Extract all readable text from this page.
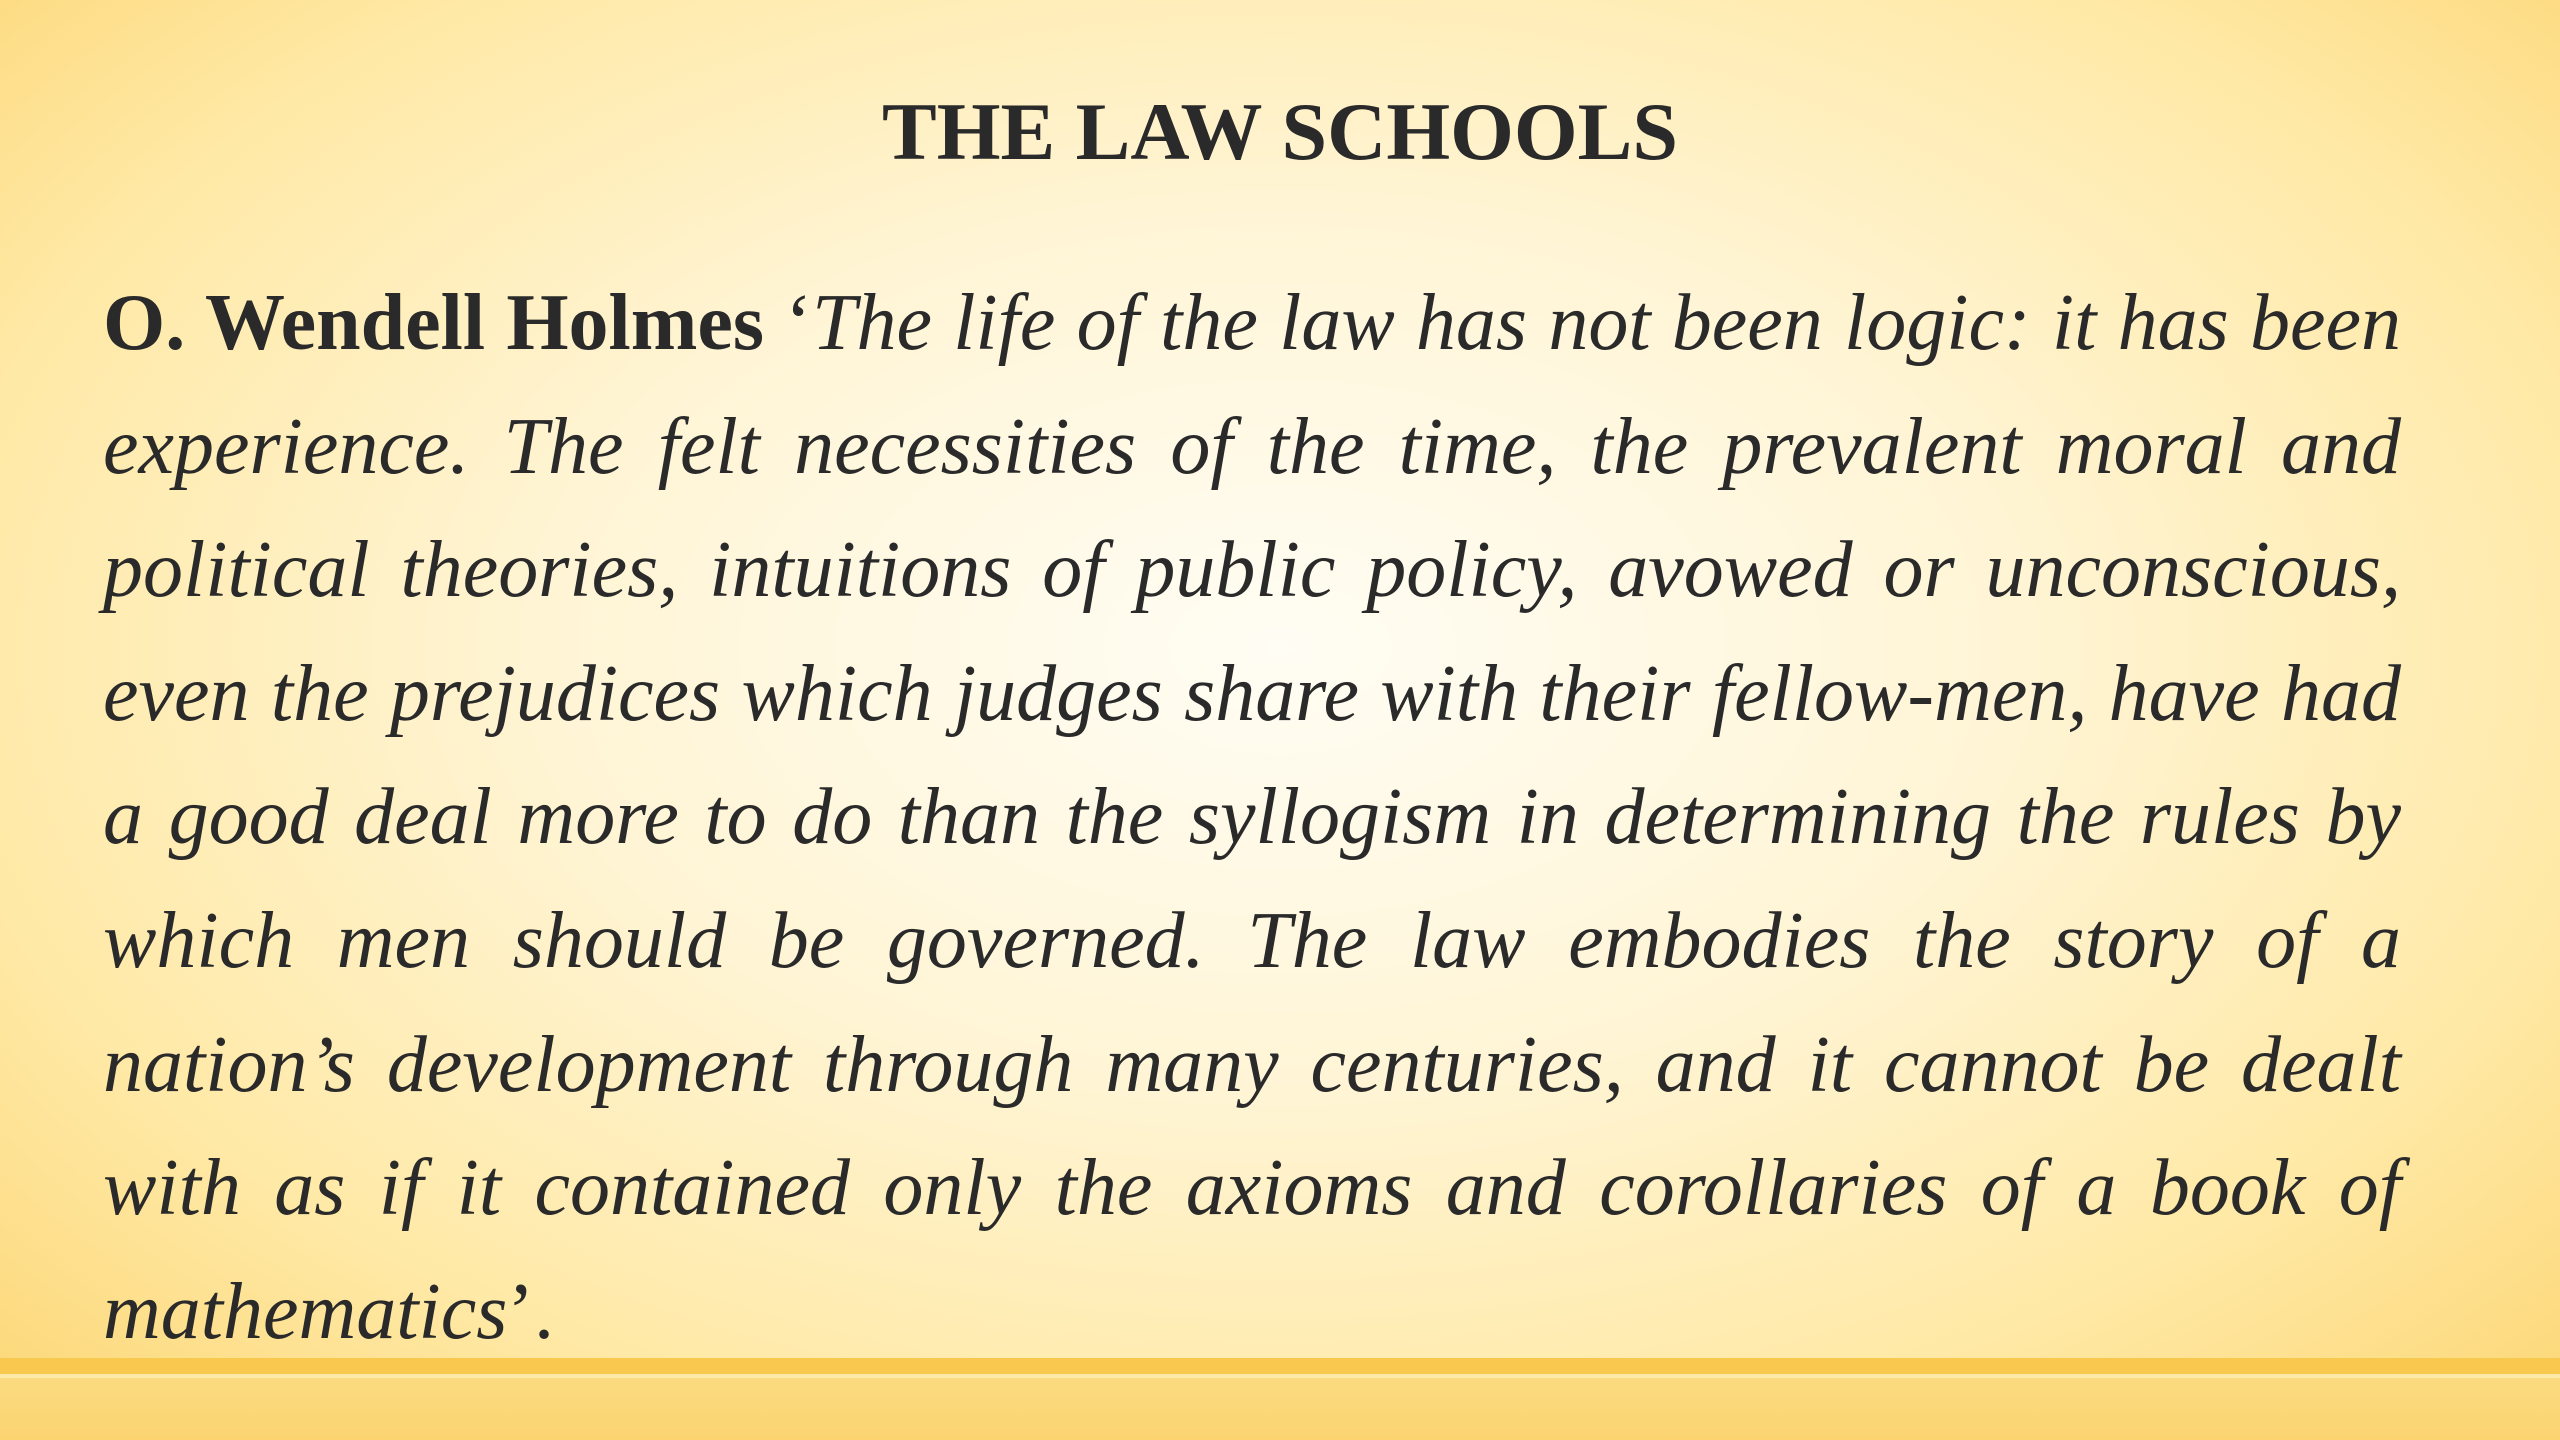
THE LAW SCHOOLS
O. Wendell Holmes ‘The life of the law has not been logic: it has been experience. The felt necessities of the time, the prevalent moral and political theories, intuitions of public policy, avowed or unconscious, even the prejudices which judges share with their fellow-men, have had a good deal more to do than the syllogism in determining the rules by which men should be governed. The law embodies the story of a nation’s development through many centuries, and it cannot be dealt with as if it contained only the axioms and corollaries of a book of mathematics’.
